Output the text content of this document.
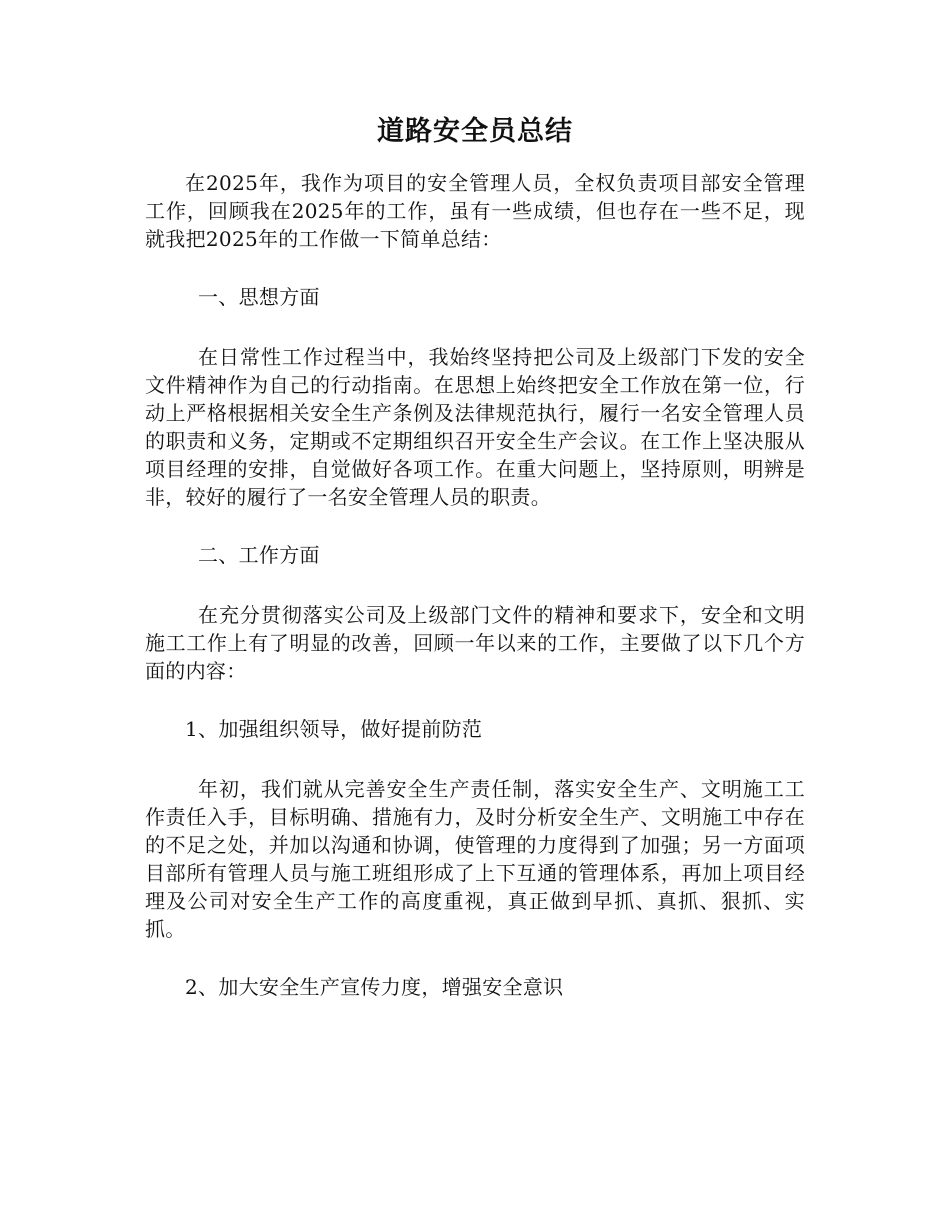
道路安全员总结

在2025年，我作为项目的安全管理人员，全权负责项目部安全管理工作，回顾我在2025年的工作，虽有一些成绩，但也存在一些不足，现就我把2025年的工作做一下简单总结：

一、思想方面

在日常性工作过程当中，我始终坚持把公司及上级部门下发的安全文件精神作为自己的行动指南。在思想上始终把安全工作放在第一位，行动上严格根据相关安全生产条例及法律规范执行，履行一名安全管理人员的职责和义务，定期或不定期组织召开安全生产会议。在工作上坚决服从项目经理的安排，自觉做好各项工作。在重大问题上，坚持原则，明辨是非，较好的履行了一名安全管理人员的职责。

二、工作方面

在充分贯彻落实公司及上级部门文件的精神和要求下，安全和文明施工工作上有了明显的改善，回顾一年以来的工作，主要做了以下几个方面的内容：

1、加强组织领导，做好提前防范

年初，我们就从完善安全生产责任制，落实安全生产、文明施工工作责任入手，目标明确、措施有力，及时分析安全生产、文明施工中存在的不足之处，并加以沟通和协调，使管理的力度得到了加强；另一方面项目部所有管理人员与施工班组形成了上下互通的管理体系，再加上项目经理及公司对安全生产工作的高度重视，真正做到早抓、真抓、狠抓、实抓。

2、加大安全生产宣传力度，增强安全意识
